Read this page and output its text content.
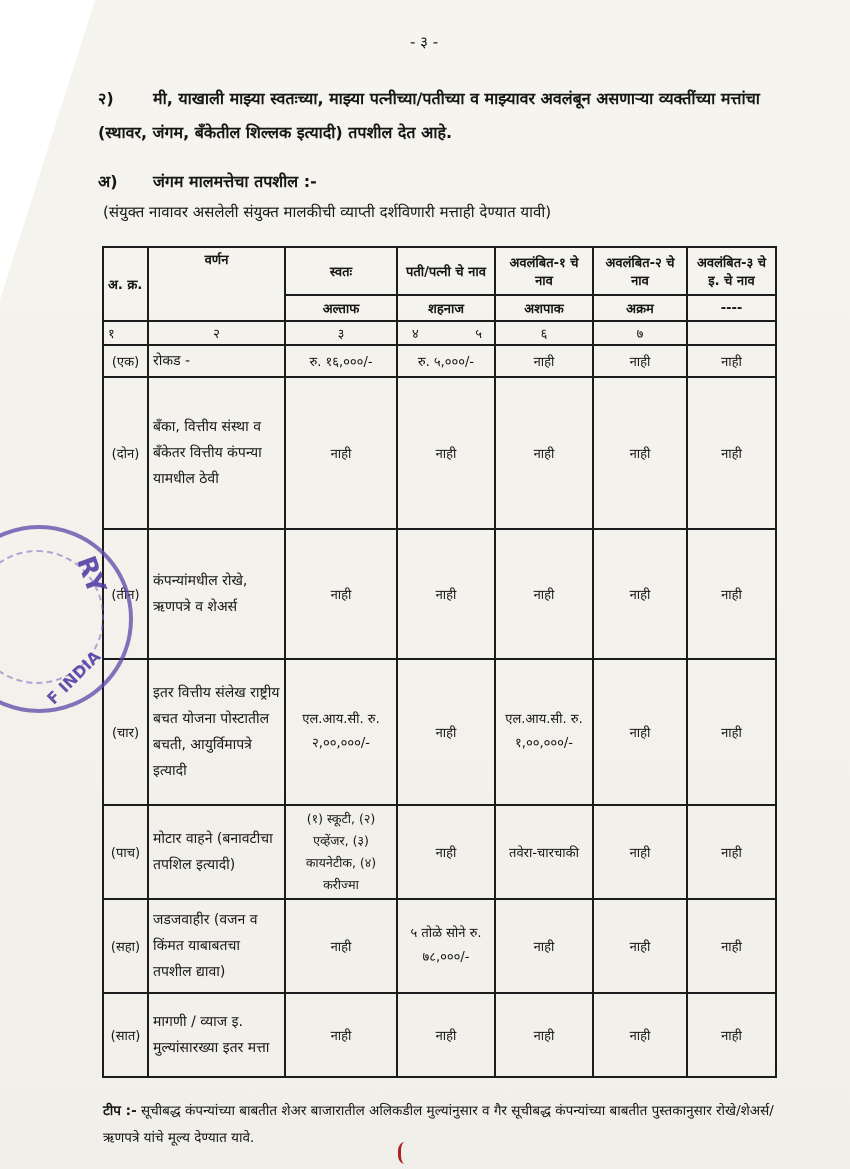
- ३ -
२) मी, याखाली माझ्या स्वतःच्या, माझ्या पत्नीच्या/पतीच्या व माझ्यावर अवलंबून असणाऱ्या व्यक्तींच्या मत्तांचा (स्थावर, जंगम, बँकेतील शिल्लक इत्यादी) तपशील देत आहे.
अ) जंगम मालमत्तेचा तपशील :-
(संयुक्त नावावर असलेली संयुक्त मालकीची व्याप्ती दर्शविणारी मत्ताही देण्यात यावी)
अ. क्र.	वर्णन	स्वतः	पती/पत्नी चे नाव	अवलंबित-१ चे नाव	अवलंबित-२ चे नाव	अवलंबित-३ चे इ. चे नाव
		अल्ताफ	शहनाज	अशपाक	अक्रम	----
१	२	३	४ ५	६	७	
(एक)	रोकड -	रु. १६,०००/-	रु. ५,०००/-	नाही	नाही	नाही
(दोन)	बँका, वित्तीय संस्था व बँकेतर वित्तीय कंपन्या यामधील ठेवी	नाही	नाही	नाही	नाही	नाही
(तीन)	कंपन्यांमधील रोखे, ऋणपत्रे व शेअर्स	नाही	नाही	नाही	नाही	नाही
(चार)	इतर वित्तीय संलेख राष्ट्रीय बचत योजना पोस्टातील बचती, आयुर्विमापत्रे इत्यादी	एल.आय.सी. रु. २,००,०००/-	नाही	एल.आय.सी. रु. १,००,०००/-	नाही	नाही
(पाच)	मोटार वाहने (बनावटीचा तपशिल इत्यादी)	(१) स्कूटी, (२) एव्हेंजर, (३) कायनेटीक, (४) करीज्मा	नाही	तवेरा-चारचाकी	नाही	नाही
(सहा)	जडजवाहीर (वजन व किंमत याबाबतचा तपशील द्यावा)	नाही	५ तोळे सोने रु. ७८,०००/-	नाही	नाही	नाही
(सात)	मागणी / व्याज इ. मुल्यांसारख्या इतर मत्ता	नाही	नाही	नाही	नाही	नाही
टीप :- सूचीबद्ध कंपन्यांच्या बाबतीत शेअर बाजारातील अलिकडील मुल्यांनुसार व गैर सूचीबद्ध कंपन्यांच्या बाबतीत पुस्तकानुसार रोखे/शेअर्स/ऋणपत्रे यांचे मूल्य देण्यात यावे.
RY
F INDIA
